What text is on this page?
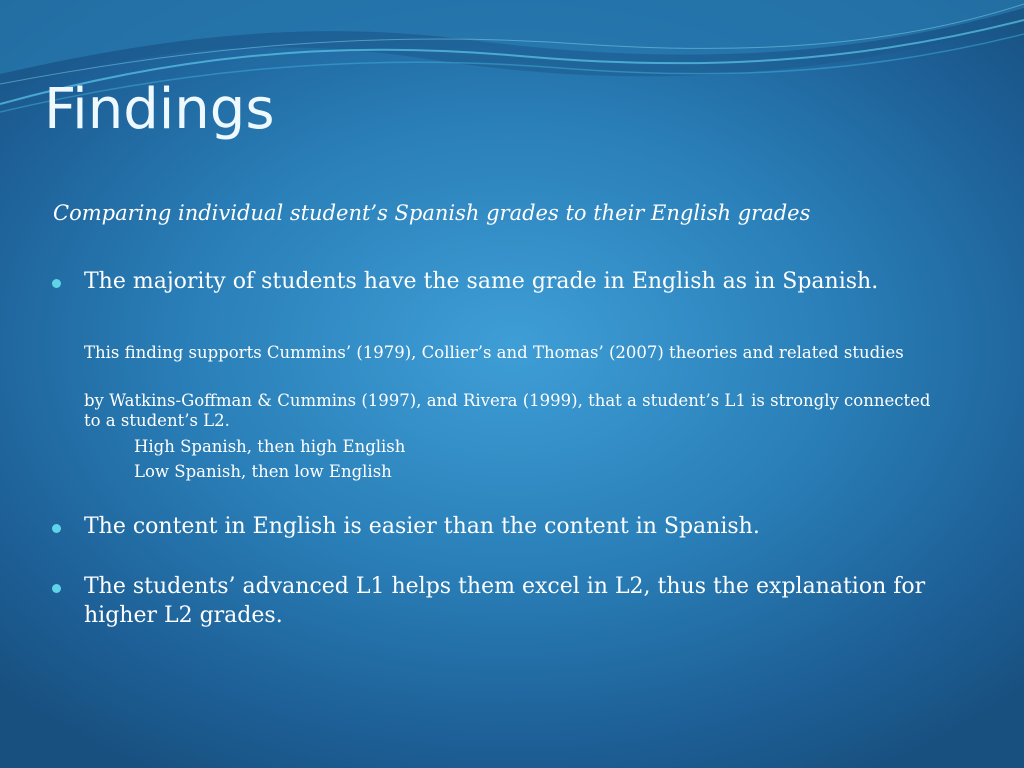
Findings
Comparing individual student’s Spanish grades to their English grades
The majority of students have the same grade in English as in Spanish.
This finding supports Cummins’ (1979), Collier’s and Thomas’ (2007) theories and related studies
by Watkins-Goffman & Cummins (1997), and Rivera (1999), that a student’s L1 is strongly connected to a student’s L2.
High Spanish, then high English
Low Spanish, then low English
The content in English is easier than the content in Spanish.
The students’ advanced L1 helps them excel in L2, thus the explanation for higher L2 grades.
